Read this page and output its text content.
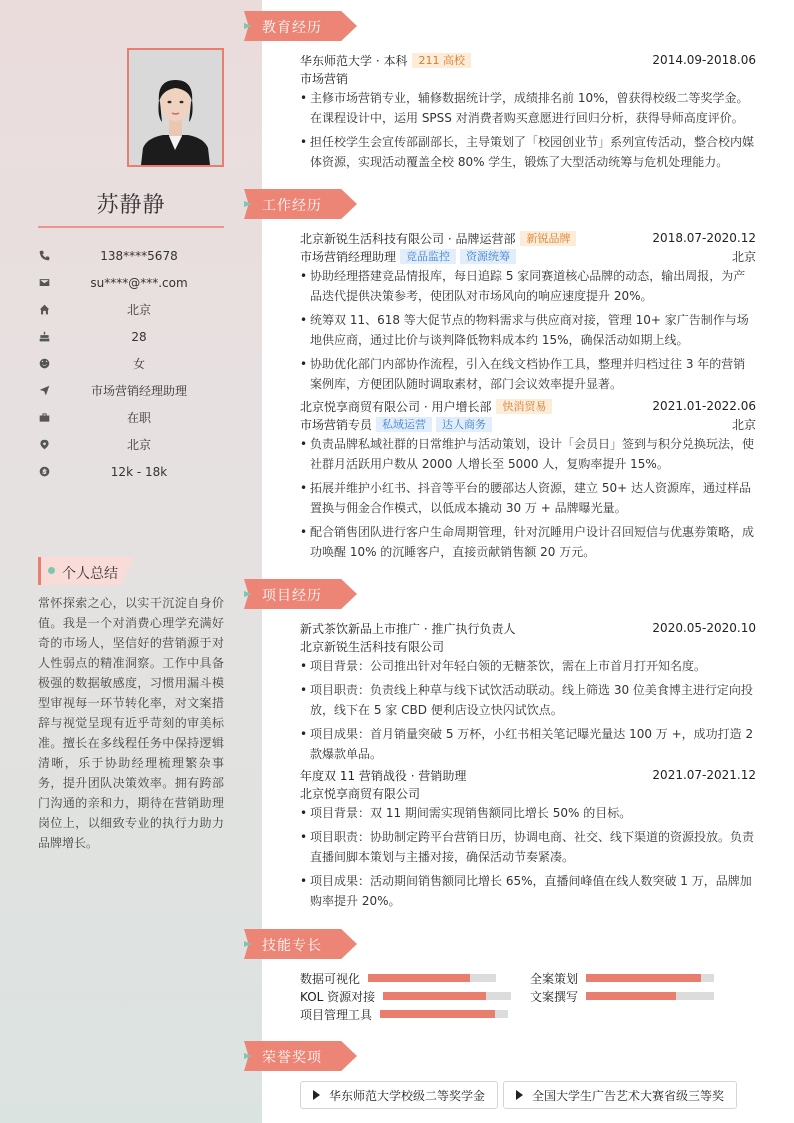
苏静静
138****5678
su****@***.com
北京
28
女
市场营销经理助理
在职
北京
12k - 18k
个人总结
常怀探索之心，以实干沉淀自身价值。我是一个对消费心理学充满好奇的市场人，坚信好的营销源于对人性弱点的精准洞察。工作中具备极强的数据敏感度，习惯用漏斗模型审视每一环节转化率，对文案措辞与视觉呈现有近乎苛刻的审美标准。擅长在多线程任务中保持逻辑清晰，乐于协助经理梳理繁杂事务，提升团队决策效率。拥有跨部门沟通的亲和力，期待在营销助理岗位上，以细致专业的执行力助力品牌增长。
教育经历
华东师范大学 · 本科	211 高校	2014.09-2018.06
市场营销
• 主修市场营销专业，辅修数据统计学，成绩排名前 10%，曾获得校级二等奖学金。在课程设计中，运用 SPSS 对消费者购买意愿进行回归分析，获得导师高度评价。
• 担任校学生会宣传部副部长，主导策划了「校园创业节」系列宣传活动，整合校内媒体资源，实现活动覆盖全校 80% 学生，锻炼了大型活动统筹与危机处理能力。
工作经历
北京新锐生活科技有限公司 · 品牌运营部	新锐品牌	2018.07-2020.12
市场营销经理助理 竞品监控	资源统筹	北京
• 协助经理搭建竞品情报库，每日追踪 5 家同赛道核心品牌的动态，输出周报，为产品迭代提供决策参考，使团队对市场风向的响应速度提升 20%。
• 统筹双 11、618 等大促节点的物料需求与供应商对接，管理 10+ 家广告制作与场地供应商，通过比价与谈判降低物料成本约 15%，确保活动如期上线。
• 协助优化部门内部协作流程，引入在线文档协作工具，整理并归档过往 3 年的营销案例库，方便团队随时调取素材，部门会议效率提升显著。
北京悦享商贸有限公司 · 用户增长部	快消贸易	2021.01-2022.06
市场营销专员 私域运营	达人商务	北京
• 负责品牌私域社群的日常维护与活动策划，设计「会员日」签到与积分兑换玩法，使社群月活跃用户数从 2000 人增长至 5000 人，复购率提升 15%。
• 拓展并维护小红书、抖音等平台的腰部达人资源，建立 50+ 达人资源库，通过样品置换与佣金合作模式，以低成本撬动 30 万 + 品牌曝光量。
• 配合销售团队进行客户生命周期管理，针对沉睡用户设计召回短信与优惠券策略，成功唤醒 10% 的沉睡客户，直接贡献销售额 20 万元。
项目经历
新式茶饮新品上市推广 · 推广执行负责人	2020.05-2020.10
北京新锐生活科技有限公司
• 项目背景：公司推出针对年轻白领的无糖茶饮，需在上市首月打开知名度。
• 项目职责：负责线上种草与线下试饮活动联动。线上筛选 30 位美食博主进行定向投放，线下在 5 家 CBD 便利店设立快闪试饮点。
• 项目成果：首月销量突破 5 万杯，小红书相关笔记曝光量达 100 万 +，成功打造 2 款爆款单品。
年度双 11 营销战役 · 营销助理	2021.07-2021.12
北京悦享商贸有限公司
• 项目背景：双 11 期间需实现销售额同比增长 50% 的目标。
• 项目职责：协助制定跨平台营销日历，协调电商、社交、线下渠道的资源投放。负责直播间脚本策划与主播对接，确保活动节奏紧凑。
• 项目成果：活动期间销售额同比增长 65%，直播间峰值在线人数突破 1 万，品牌加购率提升 20%。
技能专长
数据可视化	全案策划
KOL 资源对接	文案撰写
项目管理工具
荣誉奖项
华东师范大学校级二等奖学金	全国大学生广告艺术大赛省级三等奖
